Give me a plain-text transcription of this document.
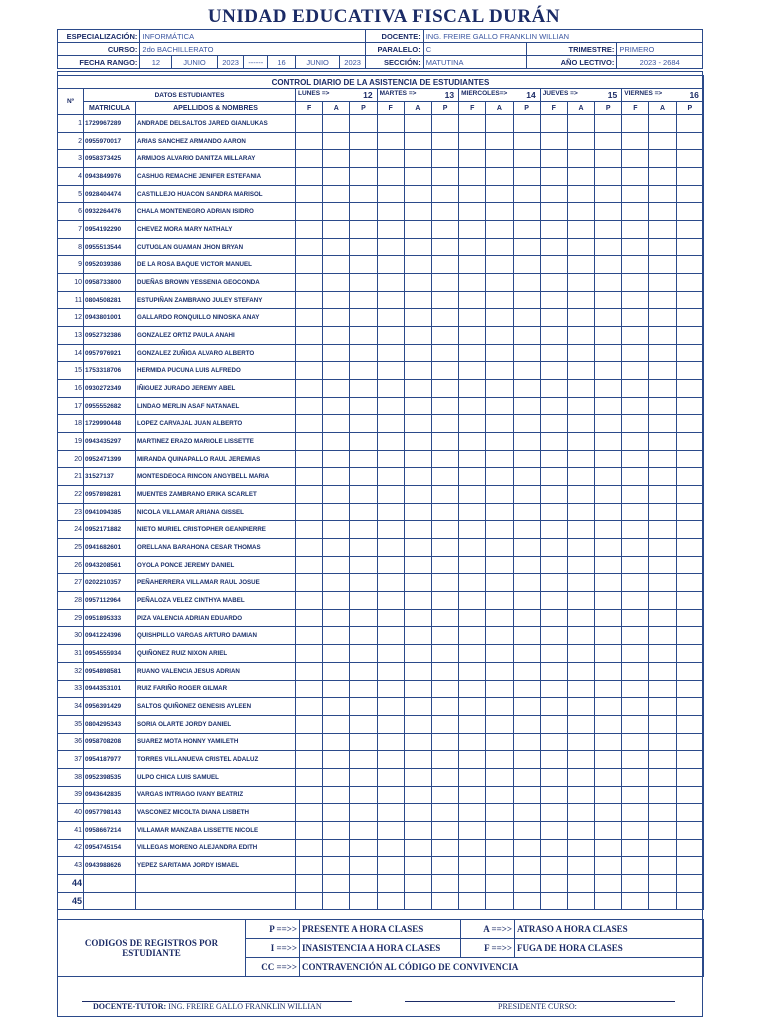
UNIDAD EDUCATIVA FISCAL DURÁN
ESPECIALIZACIÓN:	INFORMÁTICA							DOCENTE:	ING. FREIRE GALLO FRANKLIN WILLIAN		
CURSO:	2do BACHILLERATO							PARALELO:	C	TRIMESTRE:	PRIMERO
FECHA RANGO:	12	JUNIO	2023	------	16	JUNIO	2023	SECCIÓN:	MATUTINA	AÑO LECTIVO:	2023 - 2684
CONTROL DIARIO DE LA ASISTENCIA DE ESTUDIANTES																	
Nº	DATOS ESTUDIANTES		LUNES => 12			MARTES => 13			MIERCOLES=> 14			JUEVES => 15			VIERNES => 16		

	MATRICULA	APELLIDOS & NOMBRES	F	A	P	F	A	P	F	A	P	F	A	P	F	A	P
1	1729967289	ANDRADE DELSALTOS JARED GIANLUKAS															
2	0955970017	ARIAS SANCHEZ ARMANDO AARON															
3	0958373425	ARMIJOS ALVARIO DANITZA MILLARAY															
4	0943849976	CASHUG REMACHE JENIFER ESTEFANIA															
5	0928404474	CASTILLEJO HUACON SANDRA MARISOL															
6	0932264476	CHALA MONTENEGRO ADRIAN ISIDRO															
7	0954192290	CHEVEZ MORA MARY NATHALY															
8	0955513544	CUTUGLAN GUAMAN JHON BRYAN															
9	0952039386	DE LA ROSA BAQUE VICTOR MANUEL															
10	0958733800	DUEÑAS BROWN YESSENIA GEOCONDA															
11	0804508281	ESTUPIÑAN ZAMBRANO JULEY STEFANY															
12	0943801001	GALLARDO RONQUILLO NINOSKA ANAY															
13	0952732386	GONZALEZ ORTIZ PAULA ANAHI															
14	0957976921	GONZALEZ ZUÑIGA ALVARO ALBERTO															
15	1753318706	HERMIDA PUCUNA LUIS ALFREDO															
16	0930272349	IÑIGUEZ JURADO JEREMY ABEL															
17	0955552682	LINDAO MERLIN ASAF NATANAEL															
18	1729990448	LOPEZ CARVAJAL JUAN ALBERTO															
19	0943435297	MARTINEZ ERAZO MARIOLE LISSETTE															
20	0952471399	MIRANDA QUINAPALLO RAUL JEREMIAS															
21	31527137	MONTESDEOCA RINCON ANGYBELL MARIA															
22	0957898281	MUENTES ZAMBRANO ERIKA SCARLET															
23	0941094385	NICOLA VILLAMAR ARIANA GISSEL															
24	0952171882	NIETO MURIEL CRISTOPHER GEANPIERRE															
25	0941682601	ORELLANA BARAHONA CESAR THOMAS															
26	0943208561	OYOLA PONCE JEREMY DANIEL															
27	0202210357	PEÑAHERRERA VILLAMAR RAUL JOSUE															
28	0957112964	PEÑALOZA VELEZ CINTHYA MABEL															
29	0951895333	PIZA VALENCIA ADRIAN EDUARDO															
30	0941224396	QUISHPILLO VARGAS ARTURO DAMIAN															
31	0954555934	QUIÑONEZ RUIZ NIXON ARIEL															
32	0954898581	RUANO VALENCIA JESUS ADRIAN															
33	0944353101	RUIZ FARIÑO ROGER GILMAR															
34	0956391429	SALTOS QUIÑONEZ GENESIS AYLEEN															
35	0804295343	SORIA OLARTE JORDY DANIEL															
36	0958708208	SUAREZ MOTA HONNY YAMILETH															
37	0954187977	TORRES VILLANUEVA CRISTEL ADALUZ															
38	0952398535	ULPO CHICA LUIS SAMUEL															
39	0943642835	VARGAS INTRIAGO IVANY BEATRIZ															
40	0957798143	VASCONEZ MICOLTA DIANA LISBETH															
41	0958667214	VILLAMAR MANZABA LISSETTE NICOLE															
42	0954745154	VILLEGAS MORENO ALEJANDRA EDITH															
43	0943988626	YEPEZ SARITAMA JORDY ISMAEL															
44																	
45																	
CODIGOS DE REGISTROS POR ESTUDIANTE	P ==>>	PRESENTE A HORA CLASES	A ==>>	ATRASO A HORA CLASES
	I ==>>	INASISTENCIA A HORA CLASES	F ==>>	FUGA DE HORA CLASES
	CC ==>>	CONTRAVENCIÓN AL CÓDIGO DE CONVIVENCIA		
DOCENTE-TUTOR: ING. FREIRE GALLO FRANKLIN WILLIAN	PRESIDENTE CURSO:
